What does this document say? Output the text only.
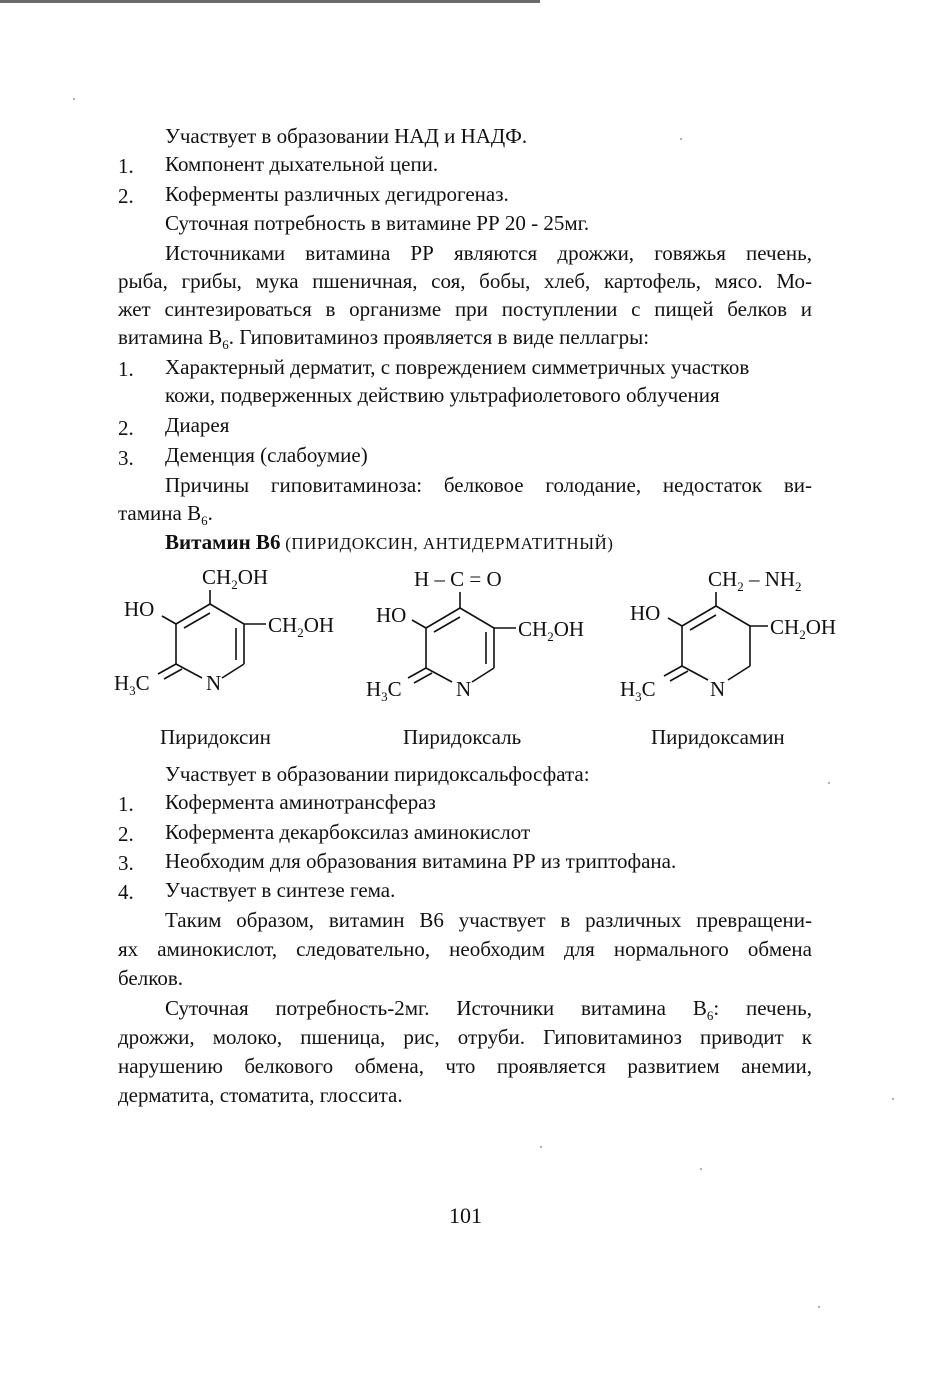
Участвует в образовании НАД и НАДФ.
1. Компонент дыхательной цепи.
2. Коферменты различных дегидрогеназ.
Суточная потребность в витамине РР 20 - 25мг.
Источниками витамина РР являются дрожжи, говяжья печень,
рыба, грибы, мука пшеничная, соя, бобы, хлеб, картофель, мясо. Мо-
жет синтезироваться в организме при поступлении с пищей белков и
витамина $В_6$. Гиповитаминоз проявляется в виде пеллагры:
1. Характерный дерматит, с повреждением симметричных участков
кожи, подверженных действию ультрафиолетового облучения
2. Диарея
3. Деменция (слабоумие)
Причины гиповитаминоза: белковое голодание, недостаток ви-
тамина $В_6$.
Витамин В6 (ПИРИДОКСИН, АНТИДЕРМАТИТНЫЙ)
$CH_2OH$
HO
$CH_2OH$
$H_3C$	N
H – C = O
HO
$CH_2OH$
$H_3C$	N
$CH_2 - NH_2$
HO
$CH_2OH$
$H_3C$	N
Пиридоксин	Пиридоксаль	Пиридоксамин
Участвует в образовании пиридоксальфосфата:
1. Кофермента аминотрансфераз
2. Кофермента декарбоксилаз аминокислот
3. Необходим для образования витамина РР из триптофана.
4. Участвует в синтезе гема.
Таким образом, витамин В6 участвует в различных превращени-
ях аминокислот, следовательно, необходим для нормального обмена
белков.
Суточная потребность-2мг. Источники витамина $В_6$: печень,
дрожжи, молоко, пшеница, рис, отруби. Гиповитаминоз приводит к
нарушению белкового обмена, что проявляется развитием анемии,
дерматита, стоматита, глоссита.
101
